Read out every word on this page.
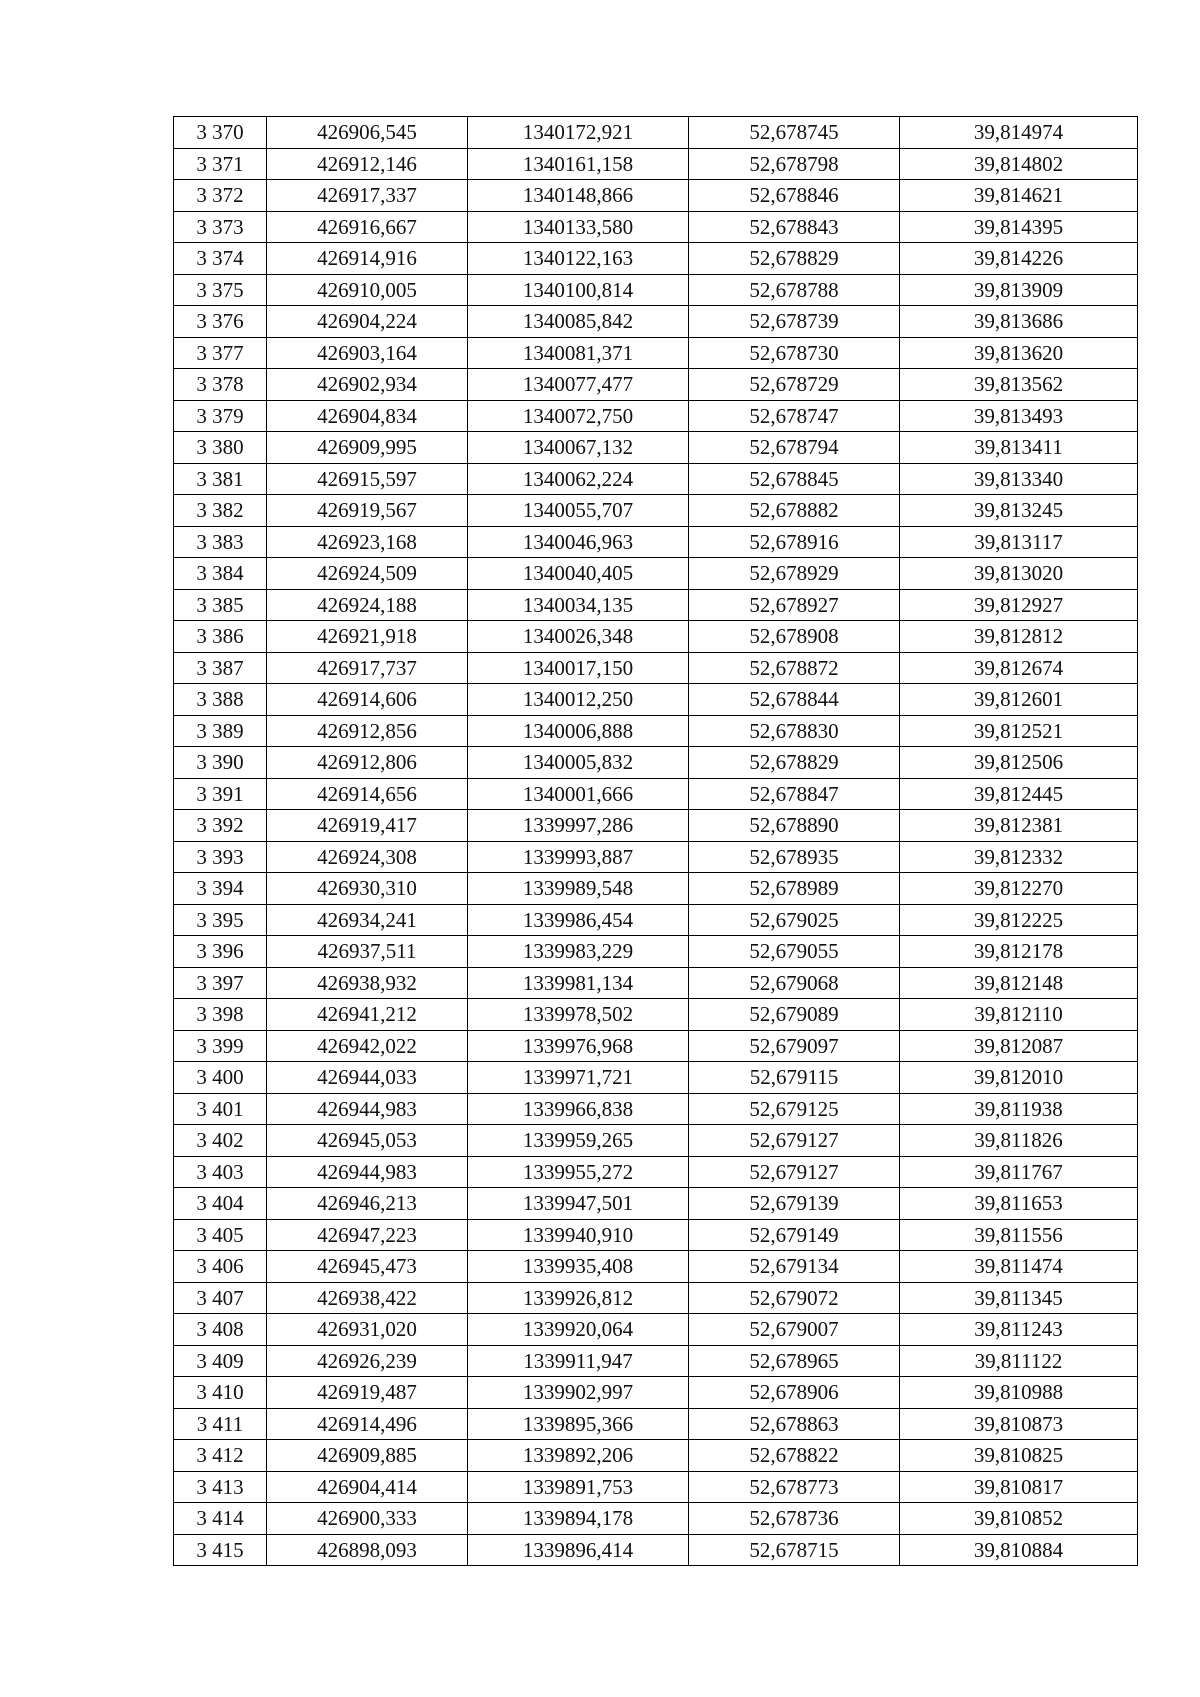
3 370	426906,545	1340172,921	52,678745	39,814974
3 371	426912,146	1340161,158	52,678798	39,814802
3 372	426917,337	1340148,866	52,678846	39,814621
3 373	426916,667	1340133,580	52,678843	39,814395
3 374	426914,916	1340122,163	52,678829	39,814226
3 375	426910,005	1340100,814	52,678788	39,813909
3 376	426904,224	1340085,842	52,678739	39,813686
3 377	426903,164	1340081,371	52,678730	39,813620
3 378	426902,934	1340077,477	52,678729	39,813562
3 379	426904,834	1340072,750	52,678747	39,813493
3 380	426909,995	1340067,132	52,678794	39,813411
3 381	426915,597	1340062,224	52,678845	39,813340
3 382	426919,567	1340055,707	52,678882	39,813245
3 383	426923,168	1340046,963	52,678916	39,813117
3 384	426924,509	1340040,405	52,678929	39,813020
3 385	426924,188	1340034,135	52,678927	39,812927
3 386	426921,918	1340026,348	52,678908	39,812812
3 387	426917,737	1340017,150	52,678872	39,812674
3 388	426914,606	1340012,250	52,678844	39,812601
3 389	426912,856	1340006,888	52,678830	39,812521
3 390	426912,806	1340005,832	52,678829	39,812506
3 391	426914,656	1340001,666	52,678847	39,812445
3 392	426919,417	1339997,286	52,678890	39,812381
3 393	426924,308	1339993,887	52,678935	39,812332
3 394	426930,310	1339989,548	52,678989	39,812270
3 395	426934,241	1339986,454	52,679025	39,812225
3 396	426937,511	1339983,229	52,679055	39,812178
3 397	426938,932	1339981,134	52,679068	39,812148
3 398	426941,212	1339978,502	52,679089	39,812110
3 399	426942,022	1339976,968	52,679097	39,812087
3 400	426944,033	1339971,721	52,679115	39,812010
3 401	426944,983	1339966,838	52,679125	39,811938
3 402	426945,053	1339959,265	52,679127	39,811826
3 403	426944,983	1339955,272	52,679127	39,811767
3 404	426946,213	1339947,501	52,679139	39,811653
3 405	426947,223	1339940,910	52,679149	39,811556
3 406	426945,473	1339935,408	52,679134	39,811474
3 407	426938,422	1339926,812	52,679072	39,811345
3 408	426931,020	1339920,064	52,679007	39,811243
3 409	426926,239	1339911,947	52,678965	39,811122
3 410	426919,487	1339902,997	52,678906	39,810988
3 411	426914,496	1339895,366	52,678863	39,810873
3 412	426909,885	1339892,206	52,678822	39,810825
3 413	426904,414	1339891,753	52,678773	39,810817
3 414	426900,333	1339894,178	52,678736	39,810852
3 415	426898,093	1339896,414	52,678715	39,810884
